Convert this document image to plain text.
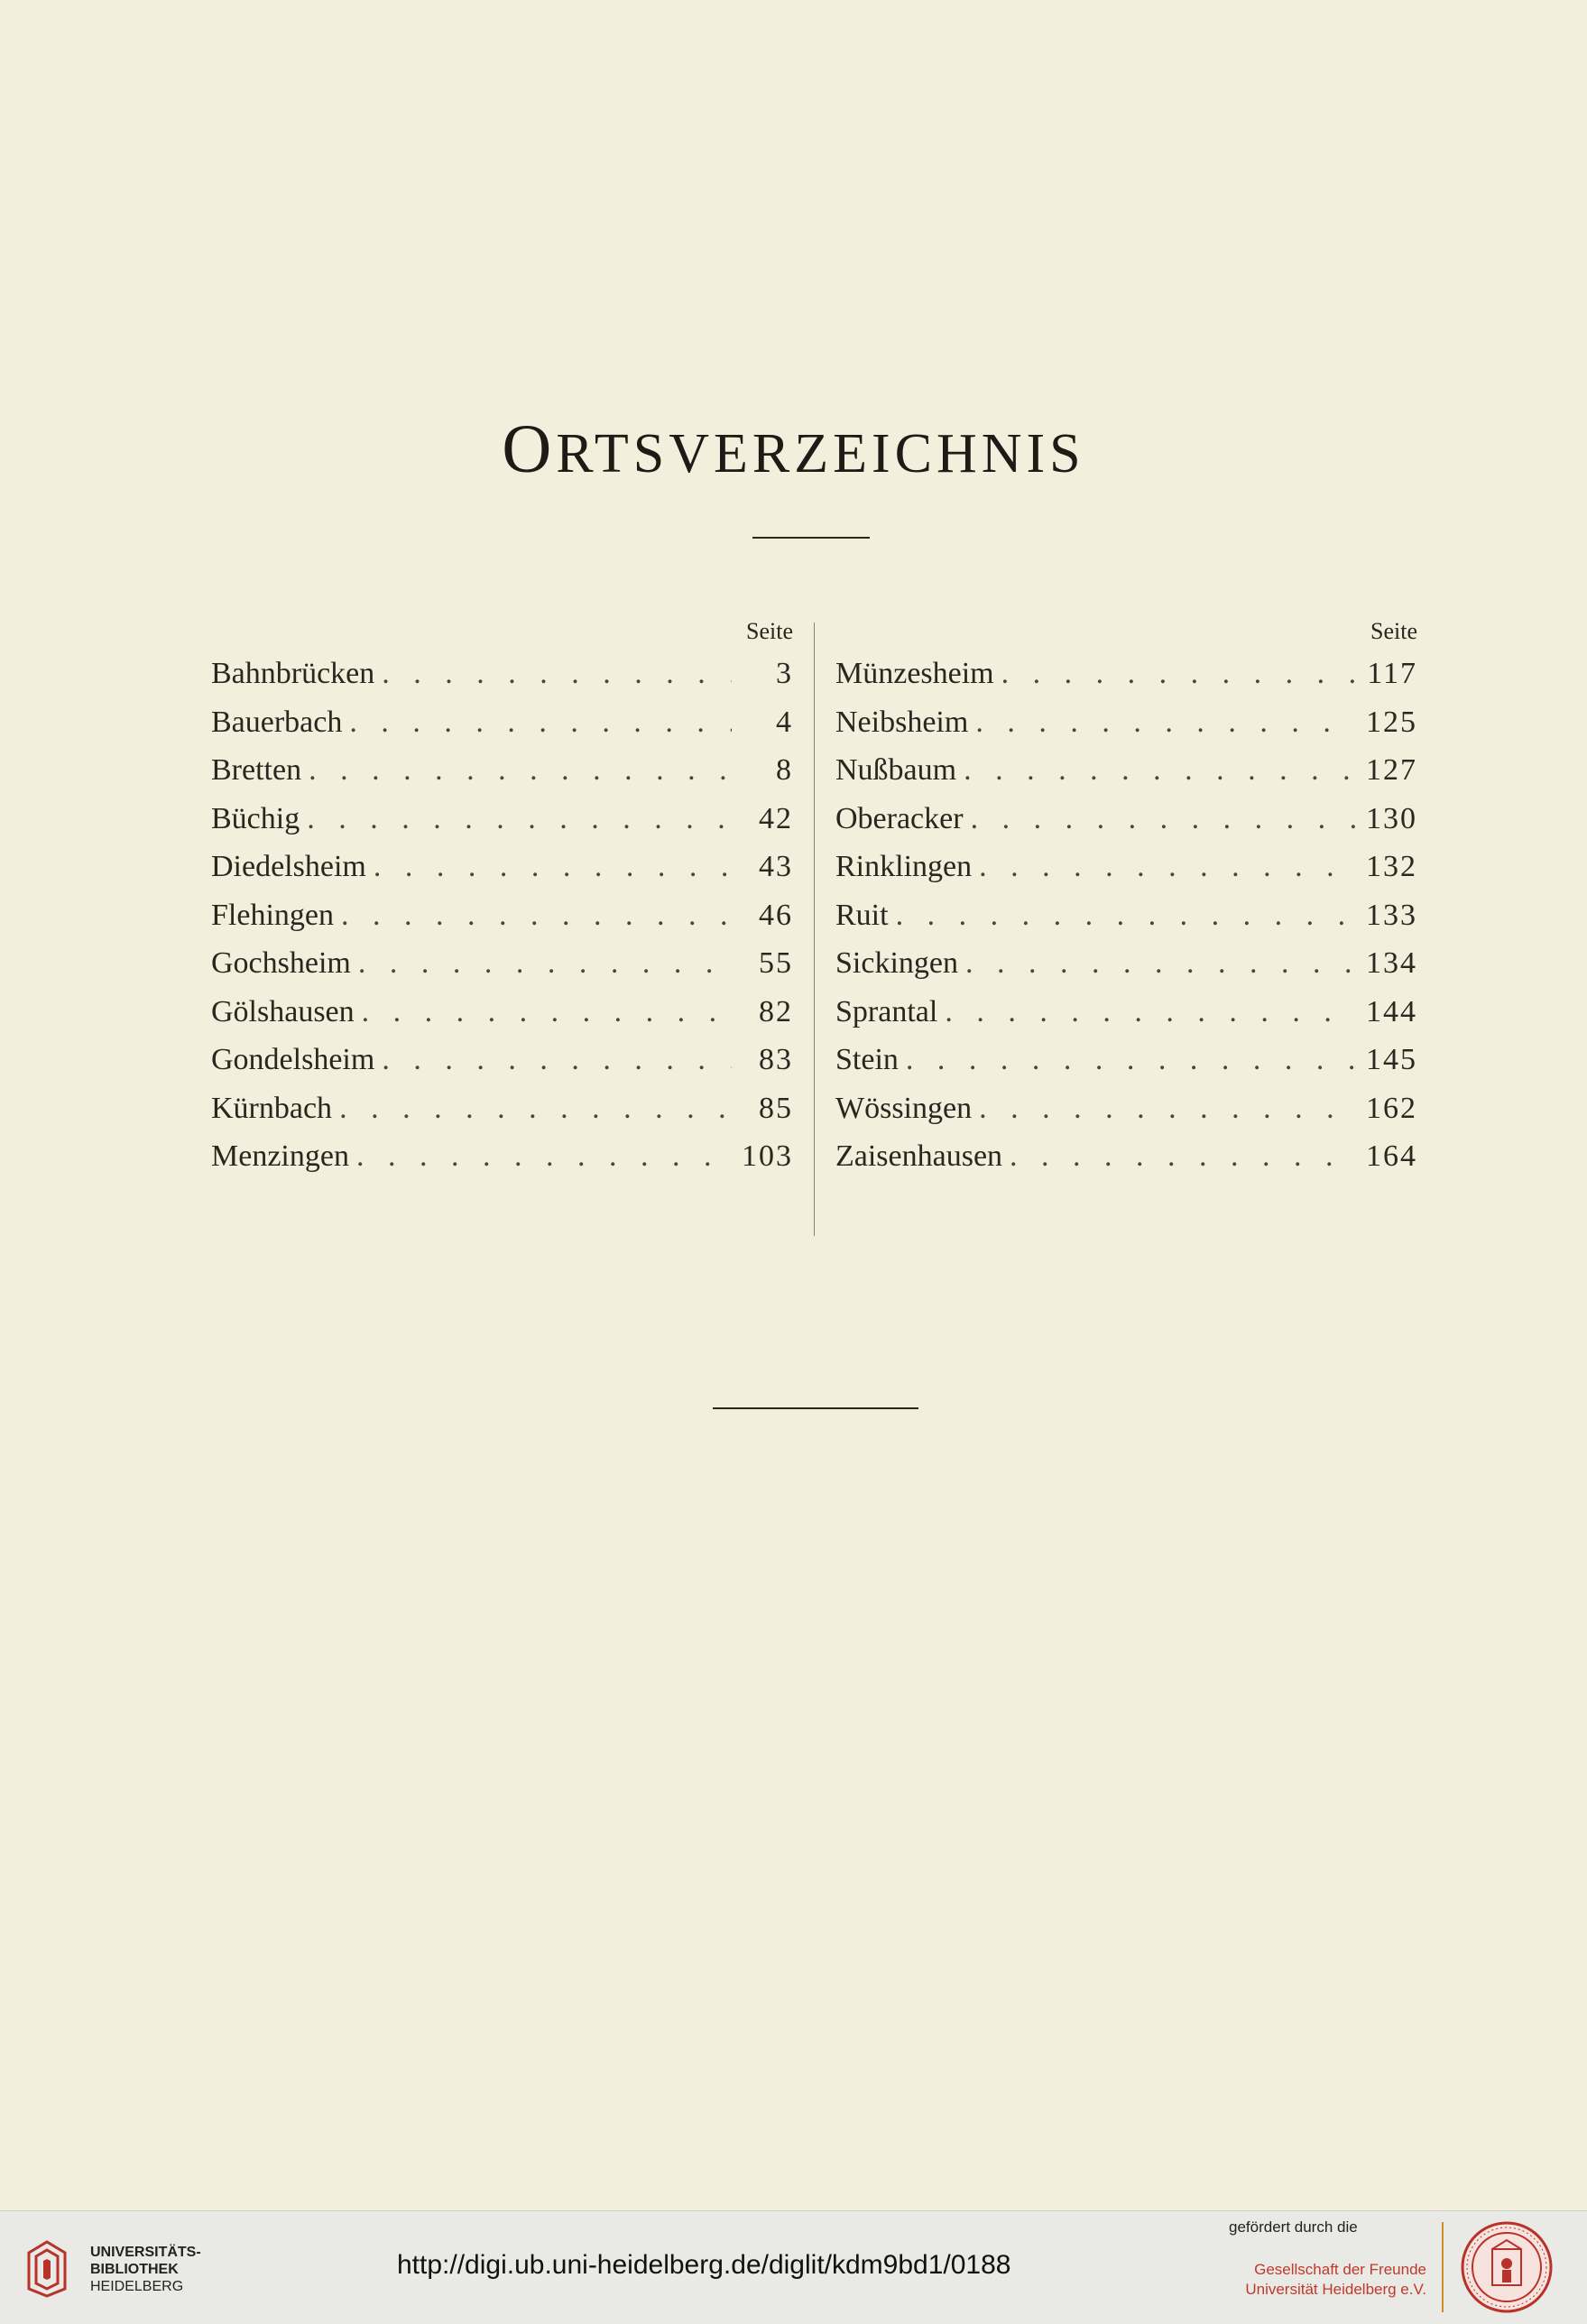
ORTSVERZEICHNIS
Seite
Bahnbrücken . . .	3
Bauerbach . . .	4
Bretten . . .	8
Büchig . . .	42
Diedelsheim . . .	43
Flehingen . . .	46
Gochsheim . . .	55
Gölshausen . . .	82
Gondelsheim . . .	83
Kürnbach . . .	85
Menzingen . . .	103
Seite
Münzesheim . . .	117
Neibsheim . . .	125
Nußbaum . . .	127
Oberacker . . .	130
Rinklingen . . .	132
Ruit . . .	133
Sickingen . . .	134
Sprantal . . .	144
Stein . . .	145
Wössingen . . .	162
Zaisenhausen . . .	164
UNIVERSITÄTS-
BIBLIOTHEK
HEIDELBERG
http://digi.ub.uni-heidelberg.de/diglit/kdm9bd1/0188
gefördert durch die
Gesellschaft der Freunde
Universität Heidelberg e.V.
